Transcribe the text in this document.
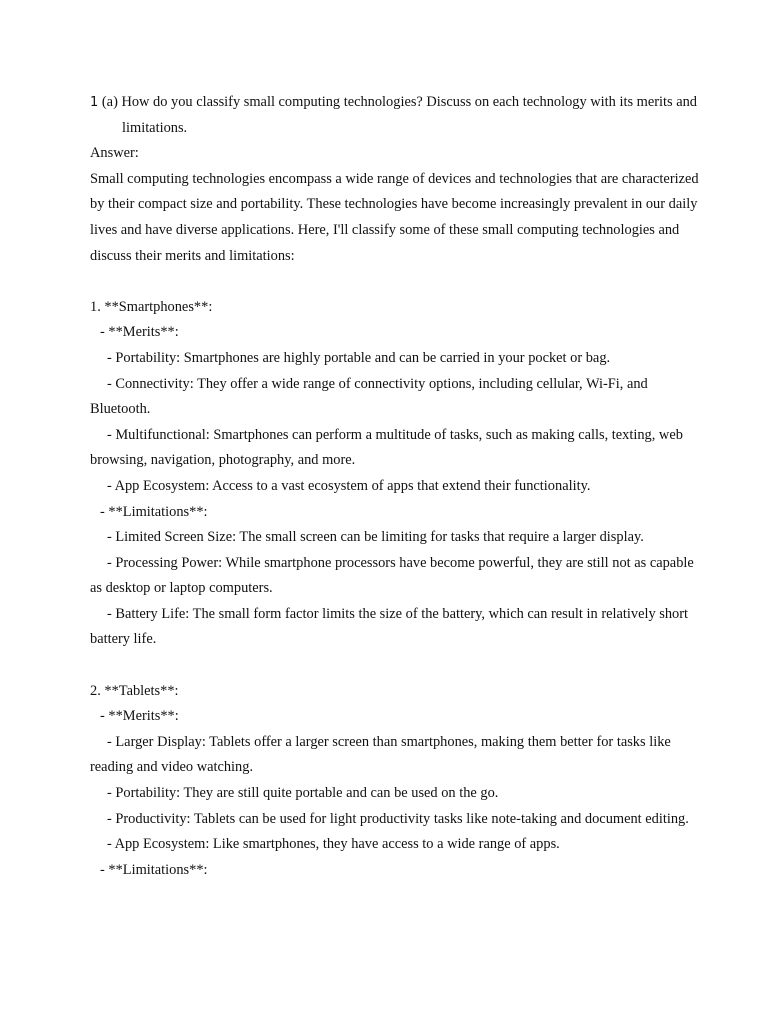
1 (a) How do you classify small computing technologies? Discuss on each technology with its merits and
limitations.
Answer:
Small computing technologies encompass a wide range of devices and technologies that are characterized
by their compact size and portability. These technologies have become increasingly prevalent in our daily
lives and have diverse applications. Here, I'll classify some of these small computing technologies and
discuss their merits and limitations:
1. **Smartphones**:
- **Merits**:
- Portability: Smartphones are highly portable and can be carried in your pocket or bag.
- Connectivity: They offer a wide range of connectivity options, including cellular, Wi-Fi, and
Bluetooth.
- Multifunctional: Smartphones can perform a multitude of tasks, such as making calls, texting, web
browsing, navigation, photography, and more.
- App Ecosystem: Access to a vast ecosystem of apps that extend their functionality.
- **Limitations**:
- Limited Screen Size: The small screen can be limiting for tasks that require a larger display.
- Processing Power: While smartphone processors have become powerful, they are still not as capable
as desktop or laptop computers.
- Battery Life: The small form factor limits the size of the battery, which can result in relatively short
battery life.
2. **Tablets**:
- **Merits**:
- Larger Display: Tablets offer a larger screen than smartphones, making them better for tasks like
reading and video watching.
- Portability: They are still quite portable and can be used on the go.
- Productivity: Tablets can be used for light productivity tasks like note-taking and document editing.
- App Ecosystem: Like smartphones, they have access to a wide range of apps.
- **Limitations**:
